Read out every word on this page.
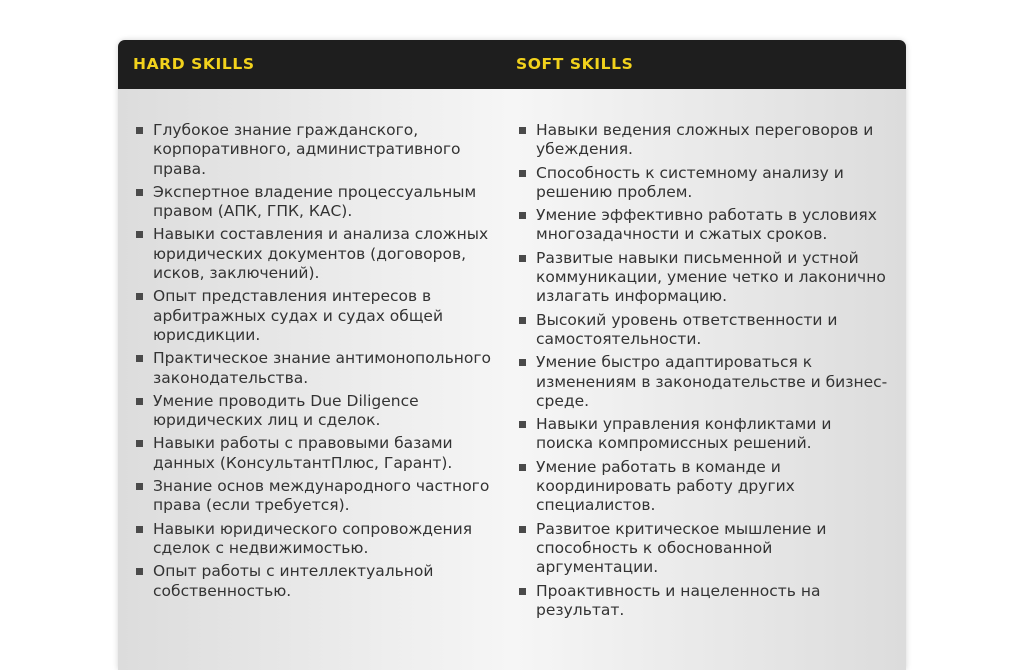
HARD SKILLS	SOFT SKILLS
Глубокое знание гражданского, корпоративного, административного права.
Экспертное владение процессуальным правом (АПК, ГПК, КАС).
Навыки составления и анализа сложных юридических документов (договоров, исков, заключений).
Опыт представления интересов в арбитражных судах и судах общей юрисдикции.
Практическое знание антимонопольного законодательства.
Умение проводить Due Diligence юридических лиц и сделок.
Навыки работы с правовыми базами данных (КонсультантПлюс, Гарант).
Знание основ международного частного права (если требуется).
Навыки юридического сопровождения сделок с недвижимостью.
Опыт работы с интеллектуальной собственностью.
Навыки ведения сложных переговоров и убеждения.
Способность к системному анализу и решению проблем.
Умение эффективно работать в условиях многозадачности и сжатых сроков.
Развитые навыки письменной и устной коммуникации, умение четко и лаконично излагать информацию.
Высокий уровень ответственности и самостоятельности.
Умение быстро адаптироваться к изменениям в законодательстве и бизнес-среде.
Навыки управления конфликтами и поиска компромиссных решений.
Умение работать в команде и координировать работу других специалистов.
Развитое критическое мышление и способность к обоснованной аргументации.
Проактивность и нацеленность на результат.
